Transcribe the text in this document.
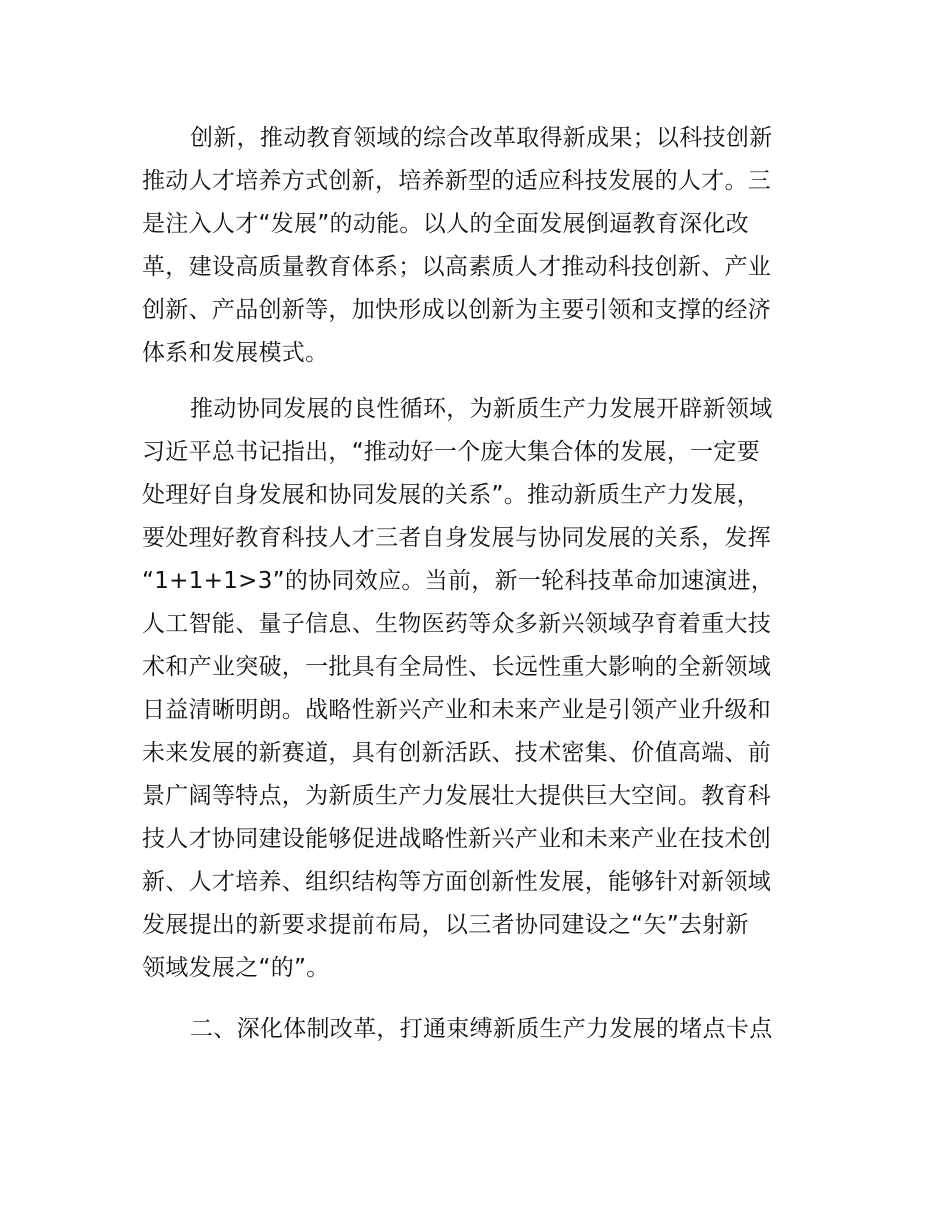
创新，推动教育领域的综合改革取得新成果；以科技创新
推动人才培养方式创新，培养新型的适应科技发展的人才。三
是注入人才“发展”的动能。以人的全面发展倒逼教育深化改
革，建设高质量教育体系；以高素质人才推动科技创新、产业
创新、产品创新等，加快形成以创新为主要引领和支撑的经济
体系和发展模式。
推动协同发展的良性循环，为新质生产力发展开辟新领域
习近平总书记指出，“推动好一个庞大集合体的发展，一定要
处理好自身发展和协同发展的关系”。推动新质生产力发展，
要处理好教育科技人才三者自身发展与协同发展的关系，发挥
“1+1+1>3”的协同效应。当前，新一轮科技革命加速演进，
人工智能、量子信息、生物医药等众多新兴领域孕育着重大技
术和产业突破，一批具有全局性、长远性重大影响的全新领域
日益清晰明朗。战略性新兴产业和未来产业是引领产业升级和
未来发展的新赛道，具有创新活跃、技术密集、价值高端、前
景广阔等特点，为新质生产力发展壮大提供巨大空间。教育科
技人才协同建设能够促进战略性新兴产业和未来产业在技术创
新、人才培养、组织结构等方面创新性发展，能够针对新领域
发展提出的新要求提前布局，以三者协同建设之“矢”去射新
领域发展之“的”。
二、深化体制改革，打通束缚新质生产力发展的堵点卡点
